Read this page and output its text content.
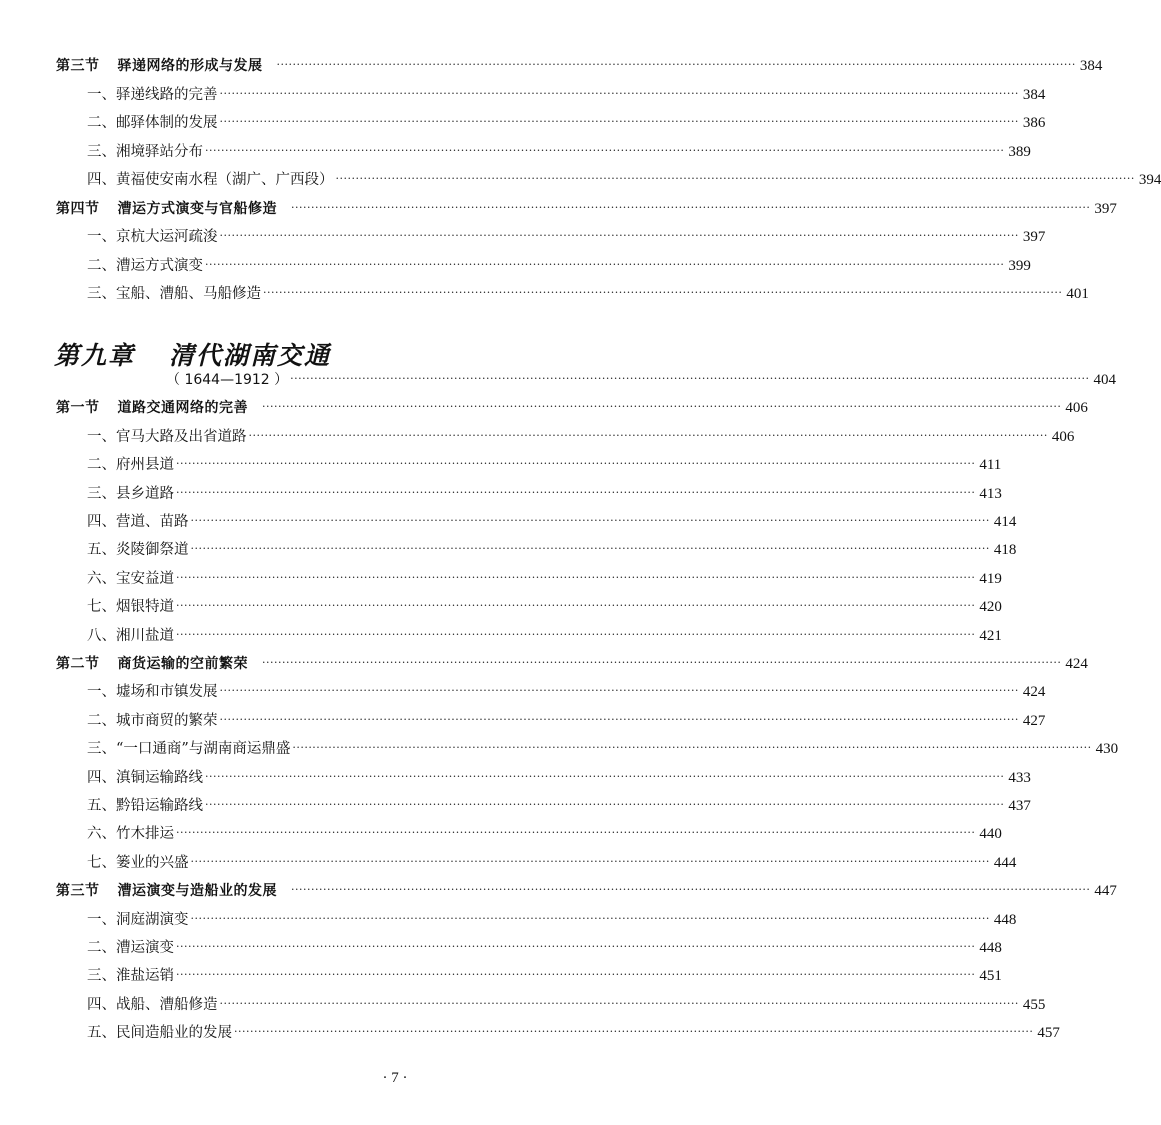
第三节 驿递网络的形成与发展 ········································································································································································································ 384
一、驿递线路的完善 ········································································································································································································ 384
二、邮驿体制的发展 ········································································································································································································ 386
三、湘境驿站分布 ········································································································································································································ 389
四、黄福使安南水程（湖广、广西段） ········································································································································································································ 394
第四节 漕运方式演变与官船修造 ········································································································································································································ 397
一、京杭大运河疏浚 ········································································································································································································ 397
二、漕运方式演变 ········································································································································································································ 399
三、宝船、漕船、马船修造 ········································································································································································································ 401
第九章 清代湖南交通
（ 1644—1912 ） ········································································································································································································ 404
第一节 道路交通网络的完善 ········································································································································································································ 406
一、官马大路及出省道路 ········································································································································································································ 406
二、府州县道 ········································································································································································································ 411
三、县乡道路 ········································································································································································································ 413
四、营道、苗路 ········································································································································································································ 414
五、炎陵御祭道 ········································································································································································································ 418
六、宝安益道 ········································································································································································································ 419
七、烟银特道 ········································································································································································································ 420
八、湘川盐道 ········································································································································································································ 421
第二节 商货运输的空前繁荣 ········································································································································································································ 424
一、墟场和市镇发展 ········································································································································································································ 424
二、城市商贸的繁荣 ········································································································································································································ 427
三、“一口通商”与湖南商运鼎盛 ········································································································································································································ 430
四、滇铜运输路线 ········································································································································································································ 433
五、黔铅运输路线 ········································································································································································································ 437
六、竹木排运 ········································································································································································································ 440
七、篓业的兴盛 ········································································································································································································ 444
第三节 漕运演变与造船业的发展 ········································································································································································································ 447
一、洞庭湖演变 ········································································································································································································ 448
二、漕运演变 ········································································································································································································ 448
三、淮盐运销 ········································································································································································································ 451
四、战船、漕船修造 ········································································································································································································ 455
五、民间造船业的发展 ········································································································································································································ 457
· 7 ·
